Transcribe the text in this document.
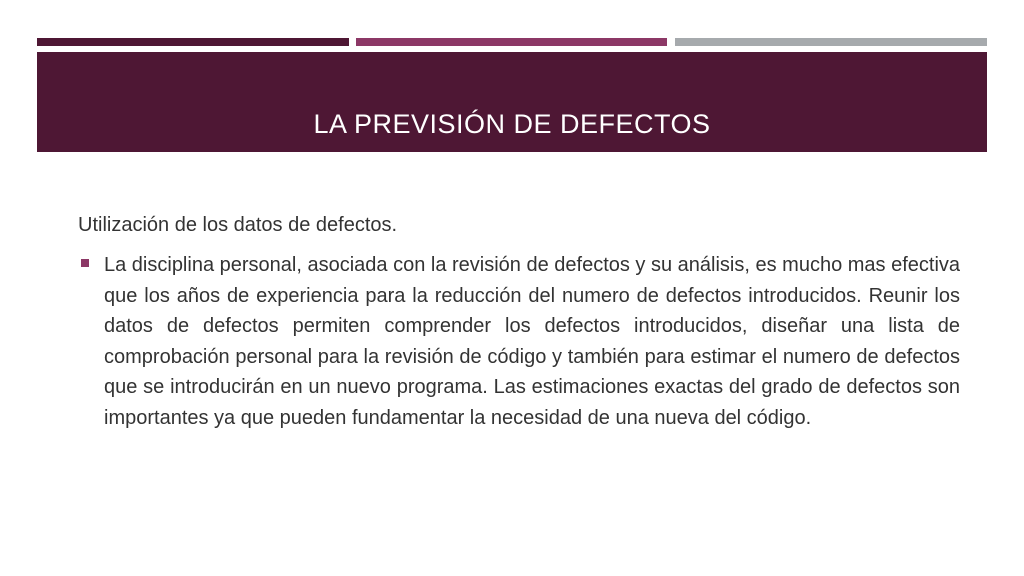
LA PREVISIÓN DE DEFECTOS

Utilización de los datos de defectos.

La disciplina personal, asociada con la revisión de defectos y su análisis, es mucho mas efectiva que los años de experiencia para la reducción del numero de defectos introducidos. Reunir los datos de defectos permiten comprender los defectos introducidos, diseñar una lista de comprobación personal para la revisión de código y también para estimar el numero de defectos que se introducirán en un nuevo programa. Las estimaciones exactas del grado de defectos son importantes ya que pueden fundamentar la necesidad de una nueva del código.
